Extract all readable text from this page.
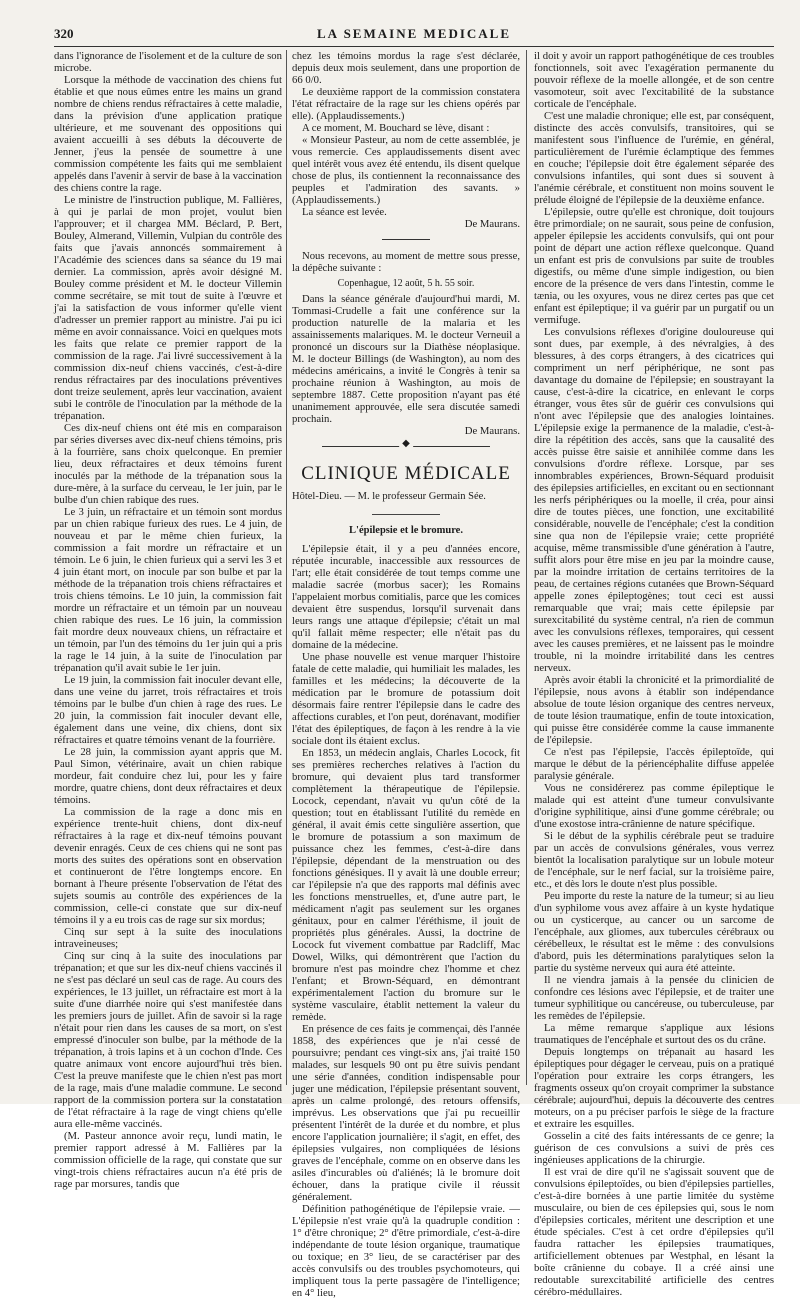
320	LA SEMAINE MEDICALE

dans l'ignorance de l'isolement et de la culture de son microbe.

Lorsque la méthode de vaccination des chiens fut établie et que nous eûmes entre les mains un grand nombre de chiens rendus réfractaires à cette maladie, dans la prévision d'une application pratique ultérieure, et me souvenant des oppositions qui avaient accueilli à ses débuts la découverte de Jenner, j'eus la pensée de soumettre à une commission compétente les faits qui me semblaient appelés dans l'avenir à servir de base à la vaccination des chiens contre la rage.

Le ministre de l'instruction publique, M. Fallières, à qui je parlai de mon projet, voulut bien l'approuver; et il chargea MM. Béclard, P. Bert, Bouley, Almerand, Villemin, Vulpian du contrôle des faits que j'avais annoncés sommairement à l'Académie des sciences dans sa séance du 19 mai dernier. La commission, après avoir désigné M. Bouley comme président et M. le docteur Villemin comme secrétaire, se mit tout de suite à l'œuvre et j'ai la satisfaction de vous informer qu'elle vient d'adresser un premier rapport au ministre. J'ai pu ici même en avoir connaissance. Voici en quelques mots les faits que relate ce premier rapport de la commission de la rage. J'ai livré successivement à la commission dix-neuf chiens vaccinés, c'est-à-dire rendus réfractaires par des inoculations préventives dont treize seulement, après leur vaccination, avaient subi le contrôle de l'inoculation par la méthode de la trépanation.

Ces dix-neuf chiens ont été mis en comparaison par séries diverses avec dix-neuf chiens témoins, pris à la fourrière, sans choix quelconque. En premier lieu, deux réfractaires et deux témoins furent inoculés par la méthode de la trépanation sous la dure-mère, à la surface du cerveau, le 1er juin, par le bulbe d'un chien rabique des rues.

Le 3 juin, un réfractaire et un témoin sont mordus par un chien rabique furieux des rues. Le 4 juin, de nouveau et par le même chien furieux, la commission a fait mordre un réfractaire et un témoin. Le 6 juin, le chien furieux qui a servi les 3 et 4 juin étant mort, on inocule par son bulbe et par la méthode de la trépanation trois chiens réfractaires et trois chiens témoins. Le 10 juin, la commission fait mordre un réfractaire et un témoin par un nouveau chien rabique des rues. Le 16 juin, la commission fait mordre deux nouveaux chiens, un réfractaire et un témoin, par l'un des témoins du 1er juin qui a pris la rage le 14 juin, à la suite de l'inoculation par trépanation qu'il avait subie le 1er juin.

Le 19 juin, la commission fait inoculer devant elle, dans une veine du jarret, trois réfractaires et trois témoins par le bulbe d'un chien à rage des rues. Le 20 juin, la commission fait inoculer devant elle, également dans une veine, dix chiens, dont six réfractaires et quatre témoins venant de la fourrière.

Le 28 juin, la commission ayant appris que M. Paul Simon, vétérinaire, avait un chien rabique mordeur, fait conduire chez lui, pour les y faire mordre, quatre chiens, dont deux réfractaires et deux témoins.

La commission de la rage a donc mis en expérience trente-huit chiens, dont dix-neuf réfractaires à la rage et dix-neuf témoins pouvant devenir enragés. Ceux de ces chiens qui ne sont pas morts des suites des opérations sont en observation et continueront de l'être longtemps encore. En bornant à l'heure présente l'observation de l'état des sujets soumis au contrôle des expériences de la commission, celle-ci constate que sur dix-neuf témoins il y a eu trois cas de rage sur six mordus;

Cinq sur sept à la suite des inoculations intraveineuses;

Cinq sur cinq à la suite des inoculations par trépanation; et que sur les dix-neuf chiens vaccinés il ne s'est pas déclaré un seul cas de rage. Au cours des expériences, le 13 juillet, un réfractaire est mort à la suite d'une diarrhée noire qui s'est manifestée dans les premiers jours de juillet. Afin de savoir si la rage n'était pour rien dans les causes de sa mort, on s'est empressé d'inoculer son bulbe, par la méthode de la trépanation, à trois lapins et à un cochon d'Inde. Ces quatre animaux vont encore aujourd'hui très bien. C'est la preuve manifeste que le chien n'est pas mort de la rage, mais d'une maladie commune. Le second rapport de la commission portera sur la constatation de l'état réfractaire à la rage de vingt chiens qu'elle aura elle-même vaccinés.

(M. Pasteur annonce avoir reçu, lundi matin, le premier rapport adressé à M. Fallières par la commission officielle de la rage, qui constate que sur vingt-trois chiens réfractaires aucun n'a été pris de rage par morsures, tandis que

chez les témoins mordus la rage s'est déclarée, depuis deux mois seulement, dans une proportion de 66 0/0.

Le deuxième rapport de la commission constatera l'état réfractaire de la rage sur les chiens opérés par elle). (Applaudissements.)

A ce moment, M. Bouchard se lève, disant :

« Monsieur Pasteur, au nom de cette assemblée, je vous remercie. Ces applaudissements disent avec quel intérêt vous avez été entendu, ils disent quelque chose de plus, ils contiennent la reconnaissance des peuples et l'admiration des savants. » (Applaudissements.)

La séance est levée.

De Maurans.

Nous recevons, au moment de mettre sous presse, la dépêche suivante :

Copenhague, 12 août, 5 h. 55 soir.

Dans la séance générale d'aujourd'hui mardi, M. Tommasi-Crudelle a fait une conférence sur la production naturelle de la malaria et les assainissements malariques. M. le docteur Verneuil a prononcé un discours sur la Diathèse néoplasique. M. le docteur Billings (de Washington), au nom des médecins américains, a invité le Congrès à tenir sa prochaine réunion à Washington, au mois de septembre 1887. Cette proposition n'ayant pas été unanimement approuvée, elle sera discutée samedi prochain.

De Maurans.

◆
CLINIQUE MÉDICALE

Hôtel-Dieu. — M. le professeur Germain Sée.

L'épilepsie et le bromure.

L'épilepsie était, il y a peu d'années encore, réputée incurable, inaccessible aux ressources de l'art; elle était considérée de tout temps comme une maladie sacrée (morbus sacer); les Romains l'appelaient morbus comitialis, parce que les comices devaient être suspendus, lorsqu'il survenait dans leurs rangs une attaque d'épilepsie; c'était un mal qu'il fallait même respecter; elle n'était pas du domaine de la médecine.

Une phase nouvelle est venue marquer l'histoire fatale de cette maladie, qui humiliait les malades, les familles et les médecins; la découverte de la médication par le bromure de potassium doit désormais faire rentrer l'épilepsie dans le cadre des affections curables, et l'on peut, dorénavant, modifier l'état des épileptiques, de façon à les rendre à la vie sociale dont ils étaient exclus.

En 1853, un médecin anglais, Charles Locock, fit ses premières recherches relatives à l'action du bromure, qui devaient plus tard transformer complètement la thérapeutique de l'épilepsie. Locock, cependant, n'avait vu qu'un côté de la question; tout en établissant l'utilité du remède en général, il avait émis cette singulière assertion, que le bromure de potassium a son maximum de puissance chez les femmes, c'est-à-dire dans l'épilepsie, dépendant de la menstruation ou des fonctions génésiques. Il y avait là une double erreur; car l'épilepsie n'a que des rapports mal définis avec les fonctions menstruelles, et, d'une autre part, le médicament n'agit pas seulement sur les organes génitaux, pour en calmer l'éréthisme, il jouit de propriétés plus générales. Aussi, la doctrine de Locock fut vivement combattue par Radcliff, Mac Dowel, Wilks, qui démontrèrent que l'action du bromure n'est pas moindre chez l'homme et chez l'enfant; et Brown-Séquard, en démontrant expérimentalement l'action du bromure sur le système vasculaire, établit nettement la valeur du remède.

En présence de ces faits je commençai, dès l'année 1858, des expériences que je n'ai cessé de poursuivre; pendant ces vingt-six ans, j'ai traité 150 malades, sur lesquels 90 ont pu être suivis pendant une série d'années, condition indispensable pour juger une médication, l'épilepsie présentant souvent, après un calme prolongé, des retours offensifs, imprévus. Les observations que j'ai pu recueillir présentent l'intérêt de la durée et du nombre, et plus encore l'application journalière; il s'agit, en effet, des épilepsies vulgaires, non compliquées de lésions graves de l'encéphale, comme on en observe dans les asiles d'incurables où d'aliénés; là le bromure doit échouer, dans la pratique civile il réussit généralement.

Définition pathogénétique de l'épilepsie vraie. — L'épilepsie n'est vraie qu'à la quadruple condition : 1° d'être chronique; 2° d'être primordiale, c'est-à-dire indépendante de toute lésion organique, traumatique ou toxique; en 3° lieu, de se caractériser par des accès convulsifs ou des troubles psychomoteurs, qui impliquent tous la perte passagère de l'intelligence; en 4° lieu,

il doit y avoir un rapport pathogénétique de ces troubles fonctionnels, soit avec l'exagération permanente du pouvoir réflexe de la moelle allongée, et de son centre vasomoteur, soit avec l'excitabilité de la substance corticale de l'encéphale.

C'est une maladie chronique; elle est, par conséquent, distincte des accès convulsifs, transitoires, qui se manifestent sous l'influence de l'urémie, en général, particulièrement de l'urémie éclamptique des femmes en couche; l'épilepsie doit être également séparée des convulsions infantiles, qui sont dues si souvent à l'anémie cérébrale, et constituent non moins souvent le prélude éloigné de l'épilepsie de la deuxième enfance.

L'épilepsie, outre qu'elle est chronique, doit toujours être primordiale; on ne saurait, sous peine de confusion, appeler épilepsie les accidents convulsifs, qui ont pour point de départ une action réflexe quelconque. Quand un enfant est pris de convulsions par suite de troubles digestifs, ou même d'une simple indigestion, ou bien encore de la présence de vers dans l'intestin, comme le tænia, ou les oxyures, vous ne direz certes pas que cet enfant est épileptique; il va guérir par un purgatif ou un vermifuge.

Les convulsions réflexes d'origine douloureuse qui sont dues, par exemple, à des névralgies, à des blessures, à des corps étrangers, à des cicatrices qui compriment un nerf périphérique, ne sont pas davantage du domaine de l'épilepsie; en soustrayant la cause, c'est-à-dire la cicatrice, en enlevant le corps étranger, vous êtes sûr de guérir ces convulsions qui n'ont avec l'épilepsie que des analogies lointaines. L'épilepsie exige la permanence de la maladie, c'est-à-dire la répétition des accès, sans que la causalité des accès puisse être saisie et annihilée comme dans les convulsions d'ordre réflexe. Lorsque, par ses innombrables expériences, Brown-Séquard produisit des épilepsies artificielles, en excitant ou en sectionnant les nerfs périphériques ou la moelle, il créa, pour ainsi dire de toutes pièces, une fonction, une excitabilité considérable, nouvelle de l'encéphale; c'est la condition sine qua non de l'épilepsie vraie; cette propriété acquise, même transmissible d'une génération à l'autre, suffit alors pour être mise en jeu par la moindre cause, par la moindre irritation de certains territoires de la peau, de certaines régions cutanées que Brown-Séquard appelle zones épileptogènes; tout ceci est aussi remarquable que vrai; mais cette épilepsie par surexcitabilité du système central, n'a rien de commun avec les convulsions réflexes, temporaires, qui cessent avec les causes premières, et ne laissent pas le moindre trouble, ni la moindre irritabilité dans les centres nerveux.

Après avoir établi la chronicité et la primordialité de l'épilepsie, nous avons à établir son indépendance absolue de toute lésion organique des centres nerveux, de toute lésion traumatique, enfin de toute intoxication, qui puisse être considérée comme la cause immanente de l'épilepsie.

Ce n'est pas l'épilepsie, l'accès épileptoïde, qui marque le début de la périencéphalite diffuse appelée paralysie générale.

Vous ne considérerez pas comme épileptique le malade qui est atteint d'une tumeur convulsivante d'origine syphilitique, ainsi d'une gomme cérébrale; ou d'une exostose intra-crânienne de nature spécifique.

Si le début de la syphilis cérébrale peut se traduire par un accès de convulsions générales, vous verrez bientôt la localisation paralytique sur un lobule moteur de l'encéphale, sur le nerf facial, sur la troisième paire, etc., et dès lors le doute n'est plus possible.

Peu importe du reste la nature de la tumeur; si au lieu d'un syphilome vous avez affaire à un kyste hydatique ou un cysticerque, au cancer ou un sarcome de l'encéphale, aux gliomes, aux tubercules cérébraux ou cérébelleux, le résultat est le même : des convulsions d'abord, puis les déterminations paralytiques selon la partie du système nerveux qui aura été atteinte.

Il ne viendra jamais à la pensée du clinicien de confondre ces lésions avec l'épilepsie, et de traiter une tumeur syphilitique ou cancéreuse, ou tuberculeuse, par les remèdes de l'épilepsie.

La même remarque s'applique aux lésions traumatiques de l'encéphale et surtout des os du crâne.

Depuis longtemps on trépanait au hasard les épileptiques pour dégager le cerveau, puis on a pratiqué l'opération pour extraire les corps étrangers, les fragments osseux qu'on croyait comprimer la substance cérébrale; aujourd'hui, depuis la découverte des centres moteurs, on a pu préciser parfois le siège de la fracture et extraire les esquilles.

Gosselin a cité des faits intéressants de ce genre; la guérison de ces convulsions a suivi de près ces ingénieuses applications de la chirurgie.

Il est vrai de dire qu'il ne s'agissait souvent que de convulsions épileptoïdes, ou bien d'épilepsies partielles, c'est-à-dire bornées à une partie limitée du système musculaire, ou bien de ces épilepsies qui, sous le nom d'épilepsies corticales, méritent une description et une étude spéciales. C'est à cet ordre d'épilepsies qu'il faudra rattacher les épilepsies traumatiques, artificiellement obtenues par Westphal, en lésant la boîte crânienne du cobaye. Il a créé ainsi une redoutable surexcitabilité artificielle des centres cérébro-médullaires.
